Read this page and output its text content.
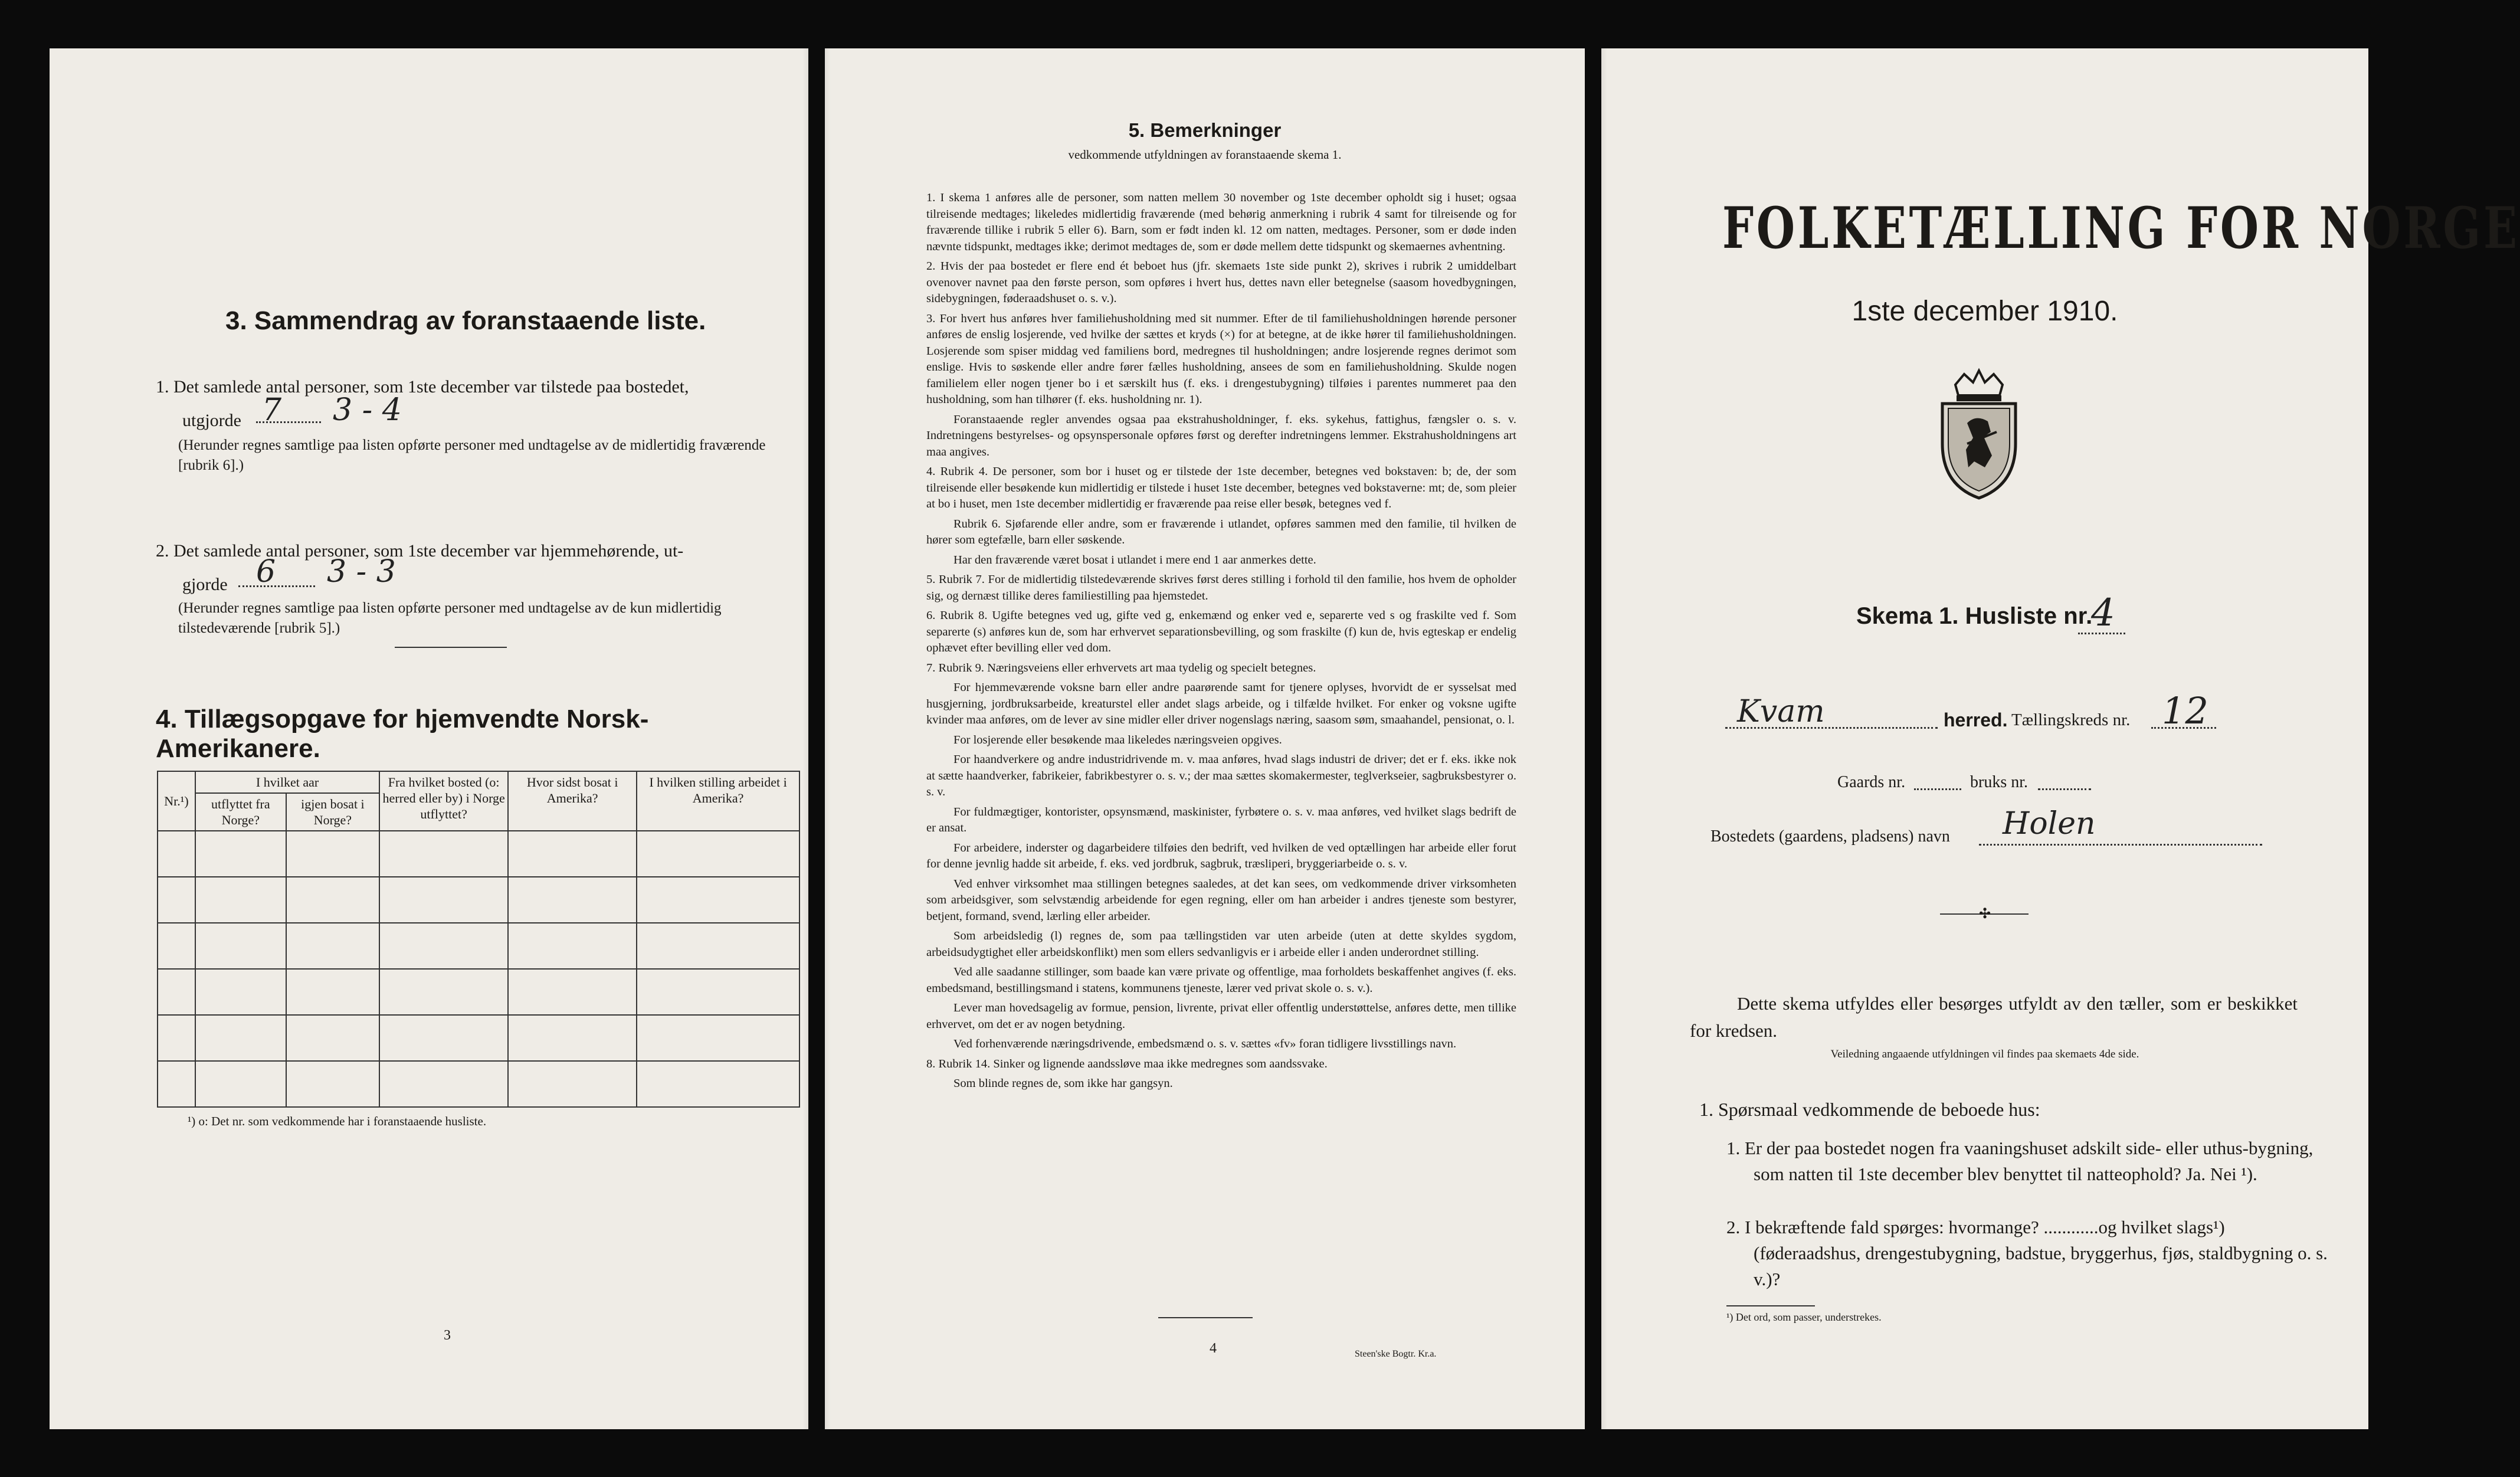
3. Sammendrag av foranstaaende liste.
1. Det samlede antal personer, som 1ste december var tilstede paa bostedet,
utgjorde 7 3 - 4
(Herunder regnes samtlige paa listen opførte personer med undtagelse av de midlertidig fraværende [rubrik 6].)
2. Det samlede antal personer, som 1ste december var hjemmehørende, ut-
gjorde 6 3 - 3
(Herunder regnes samtlige paa listen opførte personer med undtagelse av de kun midlertidig tilstedeværende [rubrik 5].)
4. Tillægsopgave for hjemvendte Norsk-Amerikanere.
Nr.¹)	I hvilket aar		Fra hvilket bosted (o: herred eller by) i Norge utflyttet?	Hvor sidst bosat i Amerika?	I hvilken stilling arbeidet i Amerika?
	utflyttet fra Norge?	igjen bosat i Norge?			

¹) o: Det nr. som vedkommende har i foranstaaende husliste.
3
5. Bemerkninger
vedkommende utfyldningen av foranstaaende skema 1.

1. I skema 1 anføres alle de personer, som natten mellem 30 november og 1ste december opholdt sig i huset; ogsaa tilreisende medtages; likeledes midlertidig fraværende (med behørig anmerkning i rubrik 4 samt for tilreisende og for fraværende tillike i rubrik 5 eller 6). Barn, som er født inden kl. 12 om natten, medtages. Personer, som er døde inden nævnte tidspunkt, medtages ikke; derimot medtages de, som er døde mellem dette tidspunkt og skemaernes avhentning.

2. Hvis der paa bostedet er flere end ét beboet hus (jfr. skemaets 1ste side punkt 2), skrives i rubrik 2 umiddelbart ovenover navnet paa den første person, som opføres i hvert hus, dettes navn eller betegnelse (saasom hovedbygningen, sidebygningen, føderaadshuset o. s. v.).

3. For hvert hus anføres hver familiehusholdning med sit nummer. Efter de til familiehusholdningen hørende personer anføres de enslig losjerende, ved hvilke der sættes et kryds (×) for at betegne, at de ikke hører til familiehusholdningen. Losjerende som spiser middag ved familiens bord, medregnes til husholdningen; andre losjerende regnes derimot som enslige. Hvis to søskende eller andre fører fælles husholdning, ansees de som en familiehusholdning. Skulde nogen familielem eller nogen tjener bo i et særskilt hus (f. eks. i drengestubygning) tilføies i parentes nummeret paa den husholdning, som han tilhører (f. eks. husholdning nr. 1).

Foranstaaende regler anvendes ogsaa paa ekstrahusholdninger, f. eks. sykehus, fattighus, fængsler o. s. v. Indretningens bestyrelses- og opsynspersonale opføres først og derefter indretningens lemmer. Ekstrahusholdningens art maa angives.

4. Rubrik 4. De personer, som bor i huset og er tilstede der 1ste december, betegnes ved bokstaven: b; de, der som tilreisende eller besøkende kun midlertidig er tilstede i huset 1ste december, betegnes ved bokstaverne: mt; de, som pleier at bo i huset, men 1ste december midlertidig er fraværende paa reise eller besøk, betegnes ved f.

Rubrik 6. Sjøfarende eller andre, som er fraværende i utlandet, opføres sammen med den familie, til hvilken de hører som egtefælle, barn eller søskende.

Har den fraværende været bosat i utlandet i mere end 1 aar anmerkes dette.

5. Rubrik 7. For de midlertidig tilstedeværende skrives først deres stilling i forhold til den familie, hos hvem de opholder sig, og dernæst tillike deres familiestilling paa hjemstedet.

6. Rubrik 8. Ugifte betegnes ved ug, gifte ved g, enkemænd og enker ved e, separerte ved s og fraskilte ved f. Som separerte (s) anføres kun de, som har erhvervet separationsbevilling, og som fraskilte (f) kun de, hvis egteskap er endelig ophævet efter bevilling eller ved dom.

7. Rubrik 9. Næringsveiens eller erhvervets art maa tydelig og specielt betegnes.

For hjemmeværende voksne barn eller andre paarørende samt for tjenere oplyses, hvorvidt de er sysselsat med husgjerning, jordbruksarbeide, kreaturstel eller andet slags arbeide, og i tilfælde hvilket. For enker og voksne ugifte kvinder maa anføres, om de lever av sine midler eller driver nogenslags næring, saasom søm, smaahandel, pensionat, o. l.

For losjerende eller besøkende maa likeledes næringsveien opgives.

For haandverkere og andre industridrivende m. v. maa anføres, hvad slags industri de driver; det er f. eks. ikke nok at sætte haandverker, fabrikeier, fabrikbestyrer o. s. v.; der maa sættes skomakermester, teglverkseier, sagbruksbestyrer o. s. v.

For fuldmægtiger, kontorister, opsynsmænd, maskinister, fyrbøtere o. s. v. maa anføres, ved hvilket slags bedrift de er ansat.

For arbeidere, inderster og dagarbeidere tilføies den bedrift, ved hvilken de ved optællingen har arbeide eller forut for denne jevnlig hadde sit arbeide, f. eks. ved jordbruk, sagbruk, træsliperi, bryggeriarbeide o. s. v.

Ved enhver virksomhet maa stillingen betegnes saaledes, at det kan sees, om vedkommende driver virksomheten som arbeidsgiver, som selvstændig arbeidende for egen regning, eller om han arbeider i andres tjeneste som bestyrer, betjent, formand, svend, lærling eller arbeider.

Som arbeidsledig (l) regnes de, som paa tællingstiden var uten arbeide (uten at dette skyldes sygdom, arbeidsudygtighet eller arbeidskonflikt) men som ellers sedvanligvis er i arbeide eller i anden underordnet stilling.

Ved alle saadanne stillinger, som baade kan være private og offentlige, maa forholdets beskaffenhet angives (f. eks. embedsmand, bestillingsmand i statens, kommunens tjeneste, lærer ved privat skole o. s. v.).

Lever man hovedsagelig av formue, pension, livrente, privat eller offentlig understøttelse, anføres dette, men tillike erhvervet, om det er av nogen betydning.

Ved forhenværende næringsdrivende, embedsmænd o. s. v. sættes «fv» foran tidligere livsstillings navn.

8. Rubrik 14. Sinker og lignende aandssløve maa ikke medregnes som aandssvake.

Som blinde regnes de, som ikke har gangsyn.

4	Steen'ske Bogtr. Kr.a.
FOLKETÆLLING FOR NORGE
1ste december 1910.
Skema 1. Husliste nr.
4
Kvam	herred. Tællingskreds nr. 12
Gaards nr.	bruks nr.
Bostedets (gaardens, pladsens) navn Holen
✣
Dette skema utfyldes eller besørges utfyldt av den tæller, som er beskikket for kredsen.
Veiledning angaaende utfyldningen vil findes paa skemaets 4de side.
1. Spørsmaal vedkommende de beboede hus:
1. Er der paa bostedet nogen fra vaaningshuset adskilt side- eller uthus-bygning, som natten til 1ste december blev benyttet til natteophold? Ja. Nei ¹).
2. I bekræftende fald spørges: hvormange? ............og hvilket slags¹) (føderaadshus, drengestubygning, badstue, bryggerhus, fjøs, staldbygning o. s. v.)?
¹) Det ord, som passer, understrekes.
